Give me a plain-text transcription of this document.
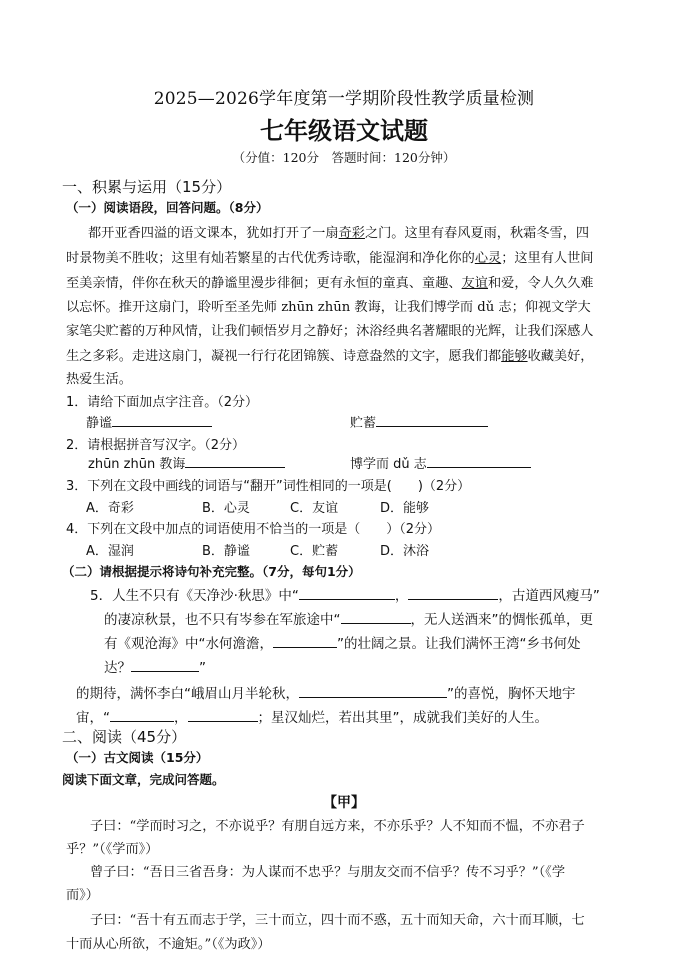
2025—2026学年度第一学期阶段性教学质量检测
七年级语文试题
（分值：120分　答题时间：120分钟）
一、积累与运用（15分）
（一）阅读语段，回答问题。（8分）
都开亚香四溢的语文课本，犹如打开了一扇奇彩之门。这里有春风夏雨，秋霜冬雪，四
时景物美不胜收；这里有灿若繁星的古代优秀诗歌，能湿润和净化你的心灵；这里有人世间
至美亲情，伴你在秋天的静谧里漫步徘徊；更有永恒的童真、童趣、友谊和爱，令人久久难
以忘怀。推开这扇门，聆听至圣先师 zhūn zhūn 教诲，让我们博学而 dǔ 志；仰视文学大
家笔尖贮蓄的万种风情，让我们顿悟岁月之静好；沐浴经典名著耀眼的光辉，让我们深感人
生之多彩。走进这扇门，凝视一行行花团锦簇、诗意盎然的文字，愿我们都能够收藏美好，
热爱生活。
1．请给下面加点字注音。（2分）
静谧	贮蓄
2．请根据拼音写汉字。（2分）
zhūn zhūn 教诲	博学而 dǔ 志
3．下列在文段中画线的词语与“翻开”词性相同的一项是(　　)（2分）
A．奇彩	B．心灵	C．友谊	D．能够
4．下列在文段中加点的词语使用不恰当的一项是（　　）（2分）
A．湿润	B．静谧	C．贮蓄	D．沐浴
（二）请根据提示将诗句补充完整。（7分，每句1分）
5．人生不只有《天净沙·秋思》中“	，	，古道西风瘦马”
的凄凉秋景，也不只有岑参在军旅途中“	，无人送酒来”的惆怅孤单，更
有《观沧海》中“水何澹澹，	”的壮阔之景。让我们满怀王湾“乡书何处
达？	”
的期待，满怀李白“峨眉山月半轮秋，	”的喜悦，胸怀天地宇
宙，“	，	；星汉灿烂，若出其里”，成就我们美好的人生。
二、阅读（45分）
（一）古文阅读（15分）
阅读下面文章，完成问答题。
【甲】
子曰：“学而时习之，不亦说乎？有朋自远方来，不亦乐乎？人不知而不愠，不亦君子
乎？”（《学而》）
曾子曰：“吾日三省吾身：为人谋而不忠乎？与朋友交而不信乎？传不习乎？”（《学
而》）
子曰：“吾十有五而志于学，三十而立，四十而不惑，五十而知天命，六十而耳顺，七
十而从心所欲，不逾矩。”（《为政》）
